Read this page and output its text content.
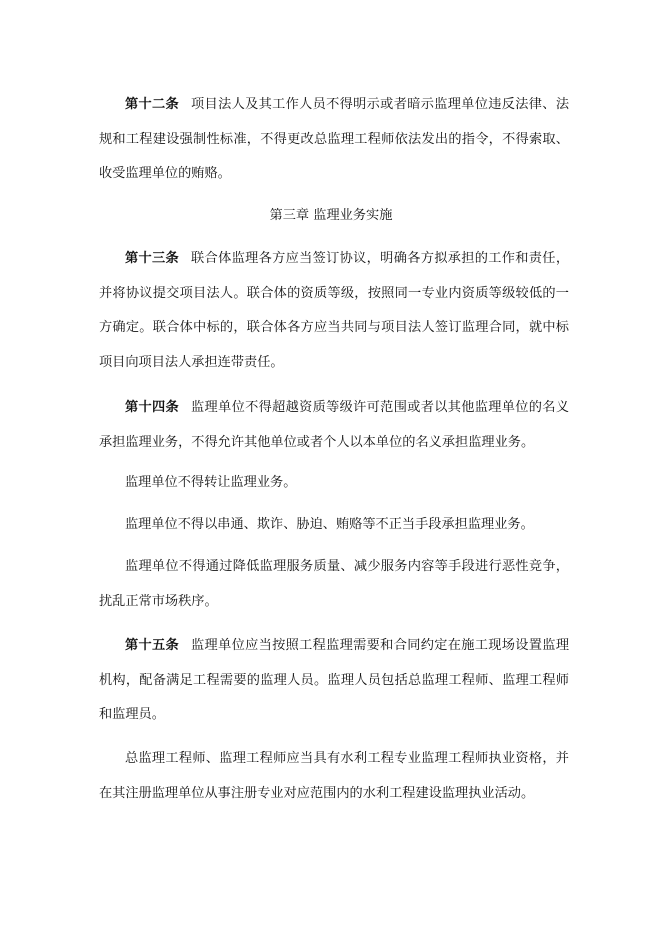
第十二条 项目法人及其工作人员不得明示或者暗示监理单位违反法律、法规和工程建设强制性标准，不得更改总监理工程师依法发出的指令，不得索取、收受监理单位的贿赂。

第三章 监理业务实施

第十三条 联合体监理各方应当签订协议，明确各方拟承担的工作和责任，并将协议提交项目法人。联合体的资质等级，按照同一专业内资质等级较低的一方确定。联合体中标的，联合体各方应当共同与项目法人签订监理合同，就中标项目向项目法人承担连带责任。

第十四条 监理单位不得超越资质等级许可范围或者以其他监理单位的名义承担监理业务，不得允许其他单位或者个人以本单位的名义承担监理业务。

监理单位不得转让监理业务。

监理单位不得以串通、欺诈、胁迫、贿赂等不正当手段承担监理业务。

监理单位不得通过降低监理服务质量、减少服务内容等手段进行恶性竞争，扰乱正常市场秩序。

第十五条 监理单位应当按照工程监理需要和合同约定在施工现场设置监理机构，配备满足工程需要的监理人员。监理人员包括总监理工程师、监理工程师和监理员。

总监理工程师、监理工程师应当具有水利工程专业监理工程师执业资格，并在其注册监理单位从事注册专业对应范围内的水利工程建设监理执业活动。
